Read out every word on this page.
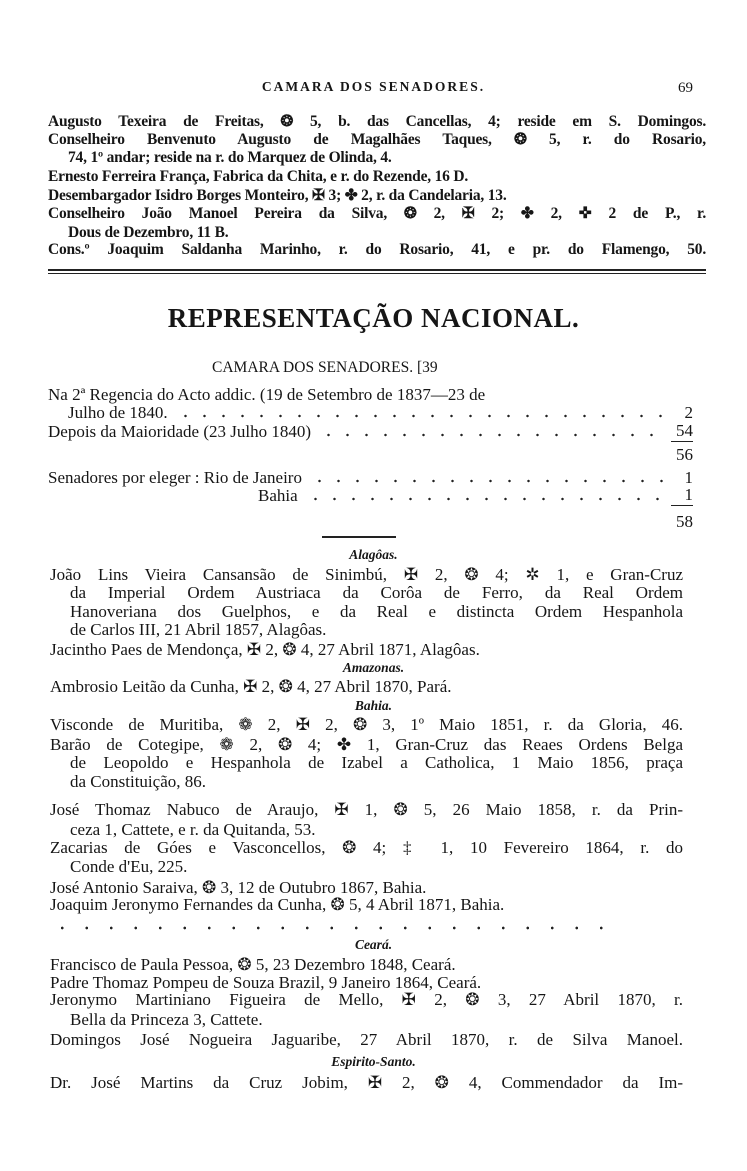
CAMARA DOS SENADORES.	69
Augusto Texeira de Freitas, ❂ 5, b. das Cancellas, 4; reside em S. Domingos.
Conselheiro Benvenuto Augusto de Magalhães Taques, ❂ 5, r. do Rosario,
74, 1º andar; reside na r. do Marquez de Olinda, 4.
Ernesto Ferreira França, Fabrica da Chita, e r. do Rezende, 16 D.
Desembargador Isidro Borges Monteiro, ✠ 3; ✤ 2, r. da Candelaria, 13.
Conselheiro João Manoel Pereira da Silva, ❂ 2, ✠ 2; ✤ 2, ✜ 2 de P., r.
Dous de Dezembro, 11 B.
Cons.º Joaquim Saldanha Marinho, r. do Rosario, 41, e pr. do Flamengo, 50.
REPRESENTAÇÃO NACIONAL.
CAMARA DOS SENADORES. [39
Na 2ª Regencia do Acto addic. (19 de Setembro de 1837—23 de
Julho de 1840.	2
Depois da Maioridade (23 Julho 1840)	54
56
Senadores por eleger : Rio de Janeiro	1
Bahia	1
58
Alagôas.
João Lins Vieira Cansansão de Sinimbú, ✠ 2, ❂ 4; ✲ 1, e Gran-Cruz
da Imperial Ordem Austriaca da Corôa de Ferro, da Real Ordem
Hanoveriana dos Guelphos, e da Real e distincta Ordem Hespanhola
de Carlos III, 21 Abril 1857, Alagôas.
Jacintho Paes de Mendonça, ✠ 2, ❂ 4, 27 Abril 1871, Alagôas.
Amazonas.
Ambrosio Leitão da Cunha, ✠ 2, ❂ 4, 27 Abril 1870, Pará.
Bahia.
Visconde de Muritiba, ❁ 2, ✠ 2, ❂ 3, 1º Maio 1851, r. da Gloria, 46.
Barão de Cotegipe, ❁ 2, ❂ 4; ✤ 1, Gran-Cruz das Reaes Ordens Belga
de Leopoldo e Hespanhola de Izabel a Catholica, 1 Maio 1856, praça
da Constituição, 86.
José Thomaz Nabuco de Araujo, ✠ 1, ❂ 5, 26 Maio 1858, r. da Prin-
ceza 1, Cattete, e r. da Quitanda, 53.
Zacarias de Góes e Vasconcellos, ❂ 4; ‡ 1, 10 Fevereiro 1864, r. do
Conde d'Eu, 225.
José Antonio Saraiva, ❂ 3, 12 de Outubro 1867, Bahia.
Joaquim Jeronymo Fernandes da Cunha, ❂ 5, 4 Abril 1871, Bahia.
Ceará.
Francisco de Paula Pessoa, ❂ 5, 23 Dezembro 1848, Ceará.
Padre Thomaz Pompeu de Souza Brazil, 9 Janeiro 1864, Ceará.
Jeronymo Martiniano Figueira de Mello, ✠ 2, ❂ 3, 27 Abril 1870, r.
Bella da Princeza 3, Cattete.
Domingos José Nogueira Jaguaribe, 27 Abril 1870, r. de Silva Manoel.
Espirito-Santo.
Dr. José Martins da Cruz Jobim, ✠ 2, ❂ 4, Commendador da Im-
